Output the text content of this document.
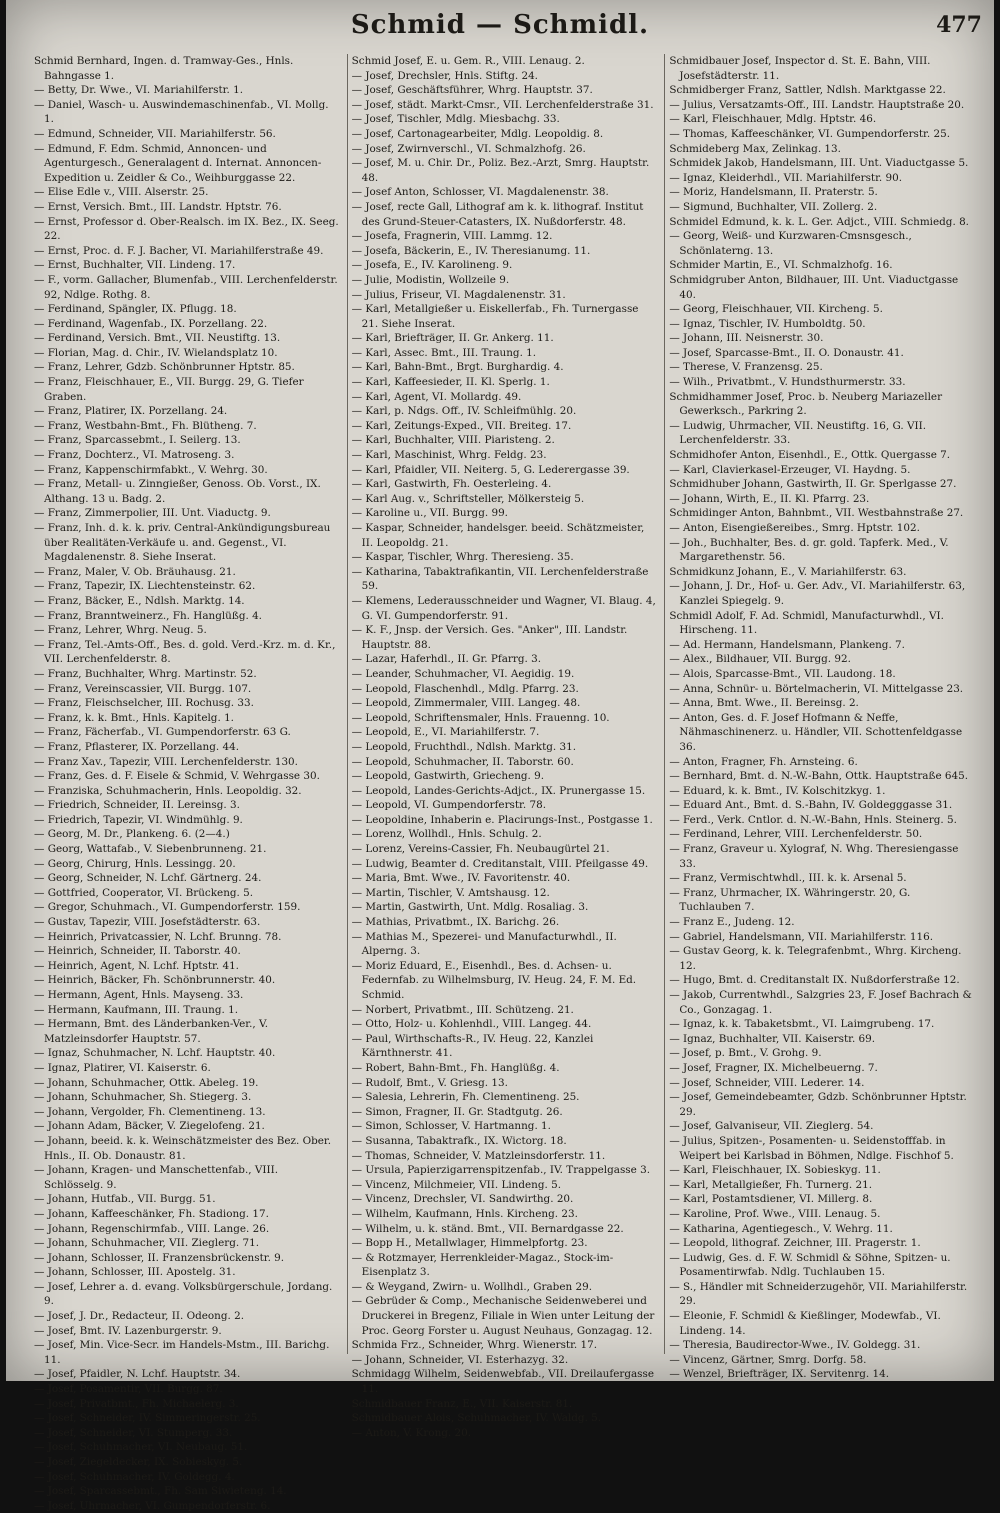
Schmid — Schmidl.	477
Schmid Bernhard, Ingen. d. Tramway-Ges., Hnls. Bahngasse 1.
— Betty, Dr. Wwe., VI. Mariahilferstr. 1.
— Daniel, Wasch- u. Auswindemaschinenfab., VI. Mollg. 1.
— Edmund, Schneider, VII. Mariahilferstr. 56.
— Edmund, F. Edm. Schmid, Annoncen- und Agenturgesch., Generalagent d. Internat. Annoncen-Expedition u. Zeidler & Co., Weihburggasse 22.
— Elise Edle v., VIII. Alserstr. 25.
— Ernst, Versich. Bmt., III. Landstr. Hptstr. 76.
— Ernst, Professor d. Ober-Realsch. im IX. Bez., IX. Seeg. 22.
— Ernst, Proc. d. F. J. Bacher, VI. Mariahilferstraße 49.
— Ernst, Buchhalter, VII. Lindeng. 17.
— F., vorm. Gallacher, Blumenfab., VIII. Lerchenfelderstr. 92, Ndlge. Rothg. 8.
— Ferdinand, Spängler, IX. Pflugg. 18.
— Ferdinand, Wagenfab., IX. Porzellang. 22.
— Ferdinand, Versich. Bmt., VII. Neustiftg. 13.
— Florian, Mag. d. Chir., IV. Wielandsplatz 10.
— Franz, Lehrer, Gdzb. Schönbrunner Hptstr. 85.
— Franz, Fleischhauer, E., VII. Burgg. 29, G. Tiefer Graben.
— Franz, Platirer, IX. Porzellang. 24.
— Franz, Westbahn-Bmt., Fh. Blütheng. 7.
— Franz, Sparcassebmt., I. Seilerg. 13.
— Franz, Dochterz., VI. Matroseng. 3.
— Franz, Kappenschirmfabkt., V. Wehrg. 30.
— Franz, Metall- u. Zinngießer, Genoss. Ob. Vorst., IX. Althang. 13 u. Badg. 2.
— Franz, Zimmerpolier, III. Unt. Viaductg. 9.
— Franz, Inh. d. k. k. priv. Central-Ankündigungsbureau über Realitäten-Verkäufe u. and. Gegenst., VI. Magdalenenstr. 8. Siehe Inserat.
— Franz, Maler, V. Ob. Bräuhausg. 21.
— Franz, Tapezir, IX. Liechtensteinstr. 62.
— Franz, Bäcker, E., Ndlsh. Marktg. 14.
— Franz, Branntweinerz., Fh. Hanglüßg. 4.
— Franz, Lehrer, Whrg. Neug. 5.
— Franz, Tel.-Amts-Off., Bes. d. gold. Verd.-Krz. m. d. Kr., VII. Lerchenfelderstr. 8.
— Franz, Buchhalter, Whrg. Martinstr. 52.
— Franz, Vereinscassier, VII. Burgg. 107.
— Franz, Fleischselcher, III. Rochusg. 33.
— Franz, k. k. Bmt., Hnls. Kapitelg. 1.
— Franz, Fächerfab., VI. Gumpendorferstr. 63 G.
— Franz, Pflasterer, IX. Porzellang. 44.
— Franz Xav., Tapezir, VIII. Lerchenfelderstr. 130.
— Franz, Ges. d. F. Eisele & Schmid, V. Wehrgasse 30.
— Franziska, Schuhmacherin, Hnls. Leopoldig. 32.
— Friedrich, Schneider, II. Lereinsg. 3.
— Friedrich, Tapezir, VI. Windmühlg. 9.
— Georg, M. Dr., Plankeng. 6. (2—4.)
— Georg, Wattafab., V. Siebenbrunneng. 21.
— Georg, Chirurg, Hnls. Lessingg. 20.
— Georg, Schneider, N. Lchf. Gärtnerg. 24.
— Gottfried, Cooperator, VI. Brückeng. 5.
— Gregor, Schuhmach., VI. Gumpendorferstr. 159.
— Gustav, Tapezir, VIII. Josefstädterstr. 63.
— Heinrich, Privatcassier, N. Lchf. Brunng. 78.
— Heinrich, Schneider, II. Taborstr. 40.
— Heinrich, Agent, N. Lchf. Hptstr. 41.
— Heinrich, Bäcker, Fh. Schönbrunnerstr. 40.
— Hermann, Agent, Hnls. Mayseng. 33.
— Hermann, Kaufmann, III. Traung. 1.
— Hermann, Bmt. des Länderbanken-Ver., V. Matzleinsdorfer Hauptstr. 57.
— Ignaz, Schuhmacher, N. Lchf. Hauptstr. 40.
— Ignaz, Platirer, VI. Kaiserstr. 6.
— Johann, Schuhmacher, Ottk. Abeleg. 19.
— Johann, Schuhmacher, Sh. Stiegerg. 3.
— Johann, Vergolder, Fh. Clementineng. 13.
— Johann Adam, Bäcker, V. Ziegelofeng. 21.
— Johann, beeid. k. k. Weinschätzmeister des Bez. Ober. Hnls., II. Ob. Donaustr. 81.
— Johann, Kragen- und Manschettenfab., VIII. Schlösselg. 9.
— Johann, Hutfab., VII. Burgg. 51.
— Johann, Kaffeeschänker, Fh. Stadiong. 17.
— Johann, Regenschirmfab., VIII. Lange. 26.
— Johann, Schuhmacher, VII. Zieglerg. 71.
— Johann, Schlosser, II. Franzensbrückenstr. 9.
— Johann, Schlosser, III. Apostelg. 31.
— Josef, Lehrer a. d. evang. Volksbürgerschule, Jordang. 9.
— Josef, J. Dr., Redacteur, II. Odeong. 2.
— Josef, Bmt. IV. Lazenburgerstr. 9.
— Josef, Min. Vice-Secr. im Handels-Mstm., III. Barichg. 11.
— Josef, Pfaidler, N. Lchf. Hauptstr. 34.
— Josef, Posamentir, VII. Burgg. 87.
— Josef, Privatbmt., Fh. Michaelerg. 3.
— Josef, Schneider, IV. Simmeringerstr. 25.
— Josef, Schneider, VI. Stumperg. 33.
— Josef, Schuhmacher, VI. Neubaug. 51.
— Josef, Ziegeldecker, IX. Sobieskyg. 5.
— Josef, Schuhmacher, IV. Goldegg. 4.
— Josef, Sparcassebmt., Fh. Sam Siwieteng. 14.
— Josef, Uhrmacher, VI. Gumpendorferstr. 6.
Schmid Josef, E. u. Gem. R., VIII. Lenaug. 2.
— Josef, Drechsler, Hnls. Stiftg. 24.
— Josef, Geschäftsführer, Whrg. Hauptstr. 37.
— Josef, städt. Markt-Cmsr., VII. Lerchenfelderstraße 31.
— Josef, Tischler, Mdlg. Miesbachg. 33.
— Josef, Cartonagearbeiter, Mdlg. Leopoldig. 8.
— Josef, Zwirnverschl., VI. Schmalzhofg. 26.
— Josef, M. u. Chir. Dr., Poliz. Bez.-Arzt, Smrg. Hauptstr. 48.
— Josef Anton, Schlosser, VI. Magdalenenstr. 38.
— Josef, recte Gall, Lithograf am k. k. lithograf. Institut des Grund-Steuer-Catasters, IX. Nußdorferstr. 48.
— Josefa, Fragnerin, VIII. Lammg. 12.
— Josefa, Bäckerin, E., IV. Theresianumg. 11.
— Josefa, E., IV. Karolineng. 9.
— Julie, Modistin, Wollzeile 9.
— Julius, Friseur, VI. Magdalenenstr. 31.
— Karl, Metallgießer u. Eiskellerfab., Fh. Turnergasse 21. Siehe Inserat.
— Karl, Briefträger, II. Gr. Ankerg. 11.
— Karl, Assec. Bmt., III. Traung. 1.
— Karl, Bahn-Bmt., Brgt. Burghardig. 4.
— Karl, Kaffeesieder, II. Kl. Sperlg. 1.
— Karl, Agent, VI. Mollardg. 49.
— Karl, p. Ndgs. Off., IV. Schleifmühlg. 20.
— Karl, Zeitungs-Exped., VII. Breiteg. 17.
— Karl, Buchhalter, VIII. Piaristeng. 2.
— Karl, Maschinist, Whrg. Feldg. 23.
— Karl, Pfaidler, VII. Neiterg. 5, G. Lederergasse 39.
— Karl, Gastwirth, Fh. Oesterleing. 4.
— Karl Aug. v., Schriftsteller, Mölkersteig 5.
— Karoline u., VII. Burgg. 99.
— Kaspar, Schneider, handelsger. beeid. Schätzmeister, II. Leopoldg. 21.
— Kaspar, Tischler, Whrg. Theresieng. 35.
— Katharina, Tabaktrafikantin, VII. Lerchenfelderstraße 59.
— Klemens, Lederausschneider und Wagner, VI. Blaug. 4, G. VI. Gumpendorferstr. 91.
— K. F., Jnsp. der Versich. Ges. "Anker", III. Landstr. Hauptstr. 88.
— Lazar, Haferhdl., II. Gr. Pfarrg. 3.
— Leander, Schuhmacher, VI. Aegidig. 19.
— Leopold, Flaschenhdl., Mdlg. Pfarrg. 23.
— Leopold, Zimmermaler, VIII. Langeg. 48.
— Leopold, Schriftensmaler, Hnls. Frauenng. 10.
— Leopold, E., VI. Mariahilferstr. 7.
— Leopold, Fruchthdl., Ndlsh. Marktg. 31.
— Leopold, Schuhmacher, II. Taborstr. 60.
— Leopold, Gastwirth, Griecheng. 9.
— Leopold, Landes-Gerichts-Adjct., IX. Prunergasse 15.
— Leopold, VI. Gumpendorferstr. 78.
— Leopoldine, Inhaberin e. Placirungs-Inst., Postgasse 1.
— Lorenz, Wollhdl., Hnls. Schulg. 2.
— Lorenz, Vereins-Cassier, Fh. Neubaugürtel 21.
— Ludwig, Beamter d. Creditanstalt, VIII. Pfeilgasse 49.
— Maria, Bmt. Wwe., IV. Favoritenstr. 40.
— Martin, Tischler, V. Amtshausg. 12.
— Martin, Gastwirth, Unt. Mdlg. Rosaliag. 3.
— Mathias, Privatbmt., IX. Barichg. 26.
— Mathias M., Spezerei- und Manufacturwhdl., II. Alperng. 3.
— Moriz Eduard, E., Eisenhdl., Bes. d. Achsen- u. Federnfab. zu Wilhelmsburg, IV. Heug. 24, F. M. Ed. Schmid.
— Norbert, Privatbmt., III. Schützeng. 21.
— Otto, Holz- u. Kohlenhdl., VIII. Langeg. 44.
— Paul, Wirthschafts-R., IV. Heug. 22, Kanzlei Kärnthnerstr. 41.
— Robert, Bahn-Bmt., Fh. Hanglüßg. 4.
— Rudolf, Bmt., V. Griesg. 13.
— Salesia, Lehrerin, Fh. Clementineng. 25.
— Simon, Fragner, II. Gr. Stadtgutg. 26.
— Simon, Schlosser, V. Hartmanng. 1.
— Susanna, Tabaktrafk., IX. Wictorg. 18.
— Thomas, Schneider, V. Matzleinsdorferstr. 11.
— Ursula, Papierzigarrenspitzenfab., IV. Trappelgasse 3.
— Vincenz, Milchmeier, VII. Lindeng. 5.
— Vincenz, Drechsler, VI. Sandwirthg. 20.
— Wilhelm, Kaufmann, Hnls. Kircheng. 23.
— Wilhelm, u. k. ständ. Bmt., VII. Bernardgasse 22.
— Bopp H., Metallwlager, Himmelpfortg. 23.
— & Rotzmayer, Herrenkleider-Magaz., Stock-im-Eisenplatz 3.
— & Weygand, Zwirn- u. Wollhdl., Graben 29.
— Gebrüder & Comp., Mechanische Seidenweberei und Druckerei in Bregenz, Filiale in Wien unter Leitung der Proc. Georg Forster u. August Neuhaus, Gonzagag. 12.
Schmida Frz., Schneider, Whrg. Wienerstr. 17.
— Johann, Schneider, VI. Esterhazyg. 32.
Schmidagg Wilhelm, Seidenwebfab., VII. Dreilaufergasse 11.
Schmidbauer Franz, E., VII. Kaiserstr. 81.
Schmidbauer Alois, Schuhmacher, IV. Waldg. 5.
— Anton, V. Krong. 20.
Schmidbauer Josef, Inspector d. St. E. Bahn, VIII. Josefstädterstr. 11.
Schmidberger Franz, Sattler, Ndlsh. Marktgasse 22.
— Julius, Versatzamts-Off., III. Landstr. Hauptstraße 20.
— Karl, Fleischhauer, Mdlg. Hptstr. 46.
— Thomas, Kaffeeschänker, VI. Gumpendorferstr. 25.
Schmideberg Max, Zelinkag. 13.
Schmidek Jakob, Handelsmann, III. Unt. Viaductgasse 5.
— Ignaz, Kleiderhdl., VII. Mariahilferstr. 90.
— Moriz, Handelsmann, II. Praterstr. 5.
— Sigmund, Buchhalter, VII. Zollerg. 2.
Schmidel Edmund, k. k. L. Ger. Adjct., VIII. Schmiedg. 8.
— Georg, Weiß- und Kurzwaren-Cmsnsgesch., Schönlaterng. 13.
Schmider Martin, E., VI. Schmalzhofg. 16.
Schmidgruber Anton, Bildhauer, III. Unt. Viaductgasse 40.
— Georg, Fleischhauer, VII. Kircheng. 5.
— Ignaz, Tischler, IV. Humboldtg. 50.
— Johann, III. Neisnerstr. 30.
— Josef, Sparcasse-Bmt., II. O. Donaustr. 41.
— Therese, V. Franzensg. 25.
— Wilh., Privatbmt., V. Hundsthurmerstr. 33.
Schmidhammer Josef, Proc. b. Neuberg Mariazeller Gewerksch., Parkring 2.
— Ludwig, Uhrmacher, VII. Neustiftg. 16, G. VII. Lerchenfelderstr. 33.
Schmidhofer Anton, Eisenhdl., E., Ottk. Quergasse 7.
— Karl, Clavierkasel-Erzeuger, VI. Haydng. 5.
Schmidhuber Johann, Gastwirth, II. Gr. Sperlgasse 27.
— Johann, Wirth, E., II. Kl. Pfarrg. 23.
Schmidinger Anton, Bahnbmt., VII. Westbahnstraße 27.
— Anton, Eisengießereibes., Smrg. Hptstr. 102.
— Joh., Buchhalter, Bes. d. gr. gold. Tapferk. Med., V. Margarethenstr. 56.
Schmidkunz Johann, E., V. Mariahilferstr. 63.
— Johann, J. Dr., Hof- u. Ger. Adv., VI. Mariahilferstr. 63, Kanzlei Spiegelg. 9.
Schmidl Adolf, F. Ad. Schmidl, Manufacturwhdl., VI. Hirscheng. 11.
— Ad. Hermann, Handelsmann, Plankeng. 7.
— Alex., Bildhauer, VII. Burgg. 92.
— Alois, Sparcasse-Bmt., VII. Laudong. 18.
— Anna, Schnür- u. Börtelmacherin, VI. Mittelgasse 23.
— Anna, Bmt. Wwe., II. Bereinsg. 2.
— Anton, Ges. d. F. Josef Hofmann & Neffe, Nähmaschinenerz. u. Händler, VII. Schottenfeldgasse 36.
— Anton, Fragner, Fh. Arnsteing. 6.
— Bernhard, Bmt. d. N.-W.-Bahn, Ottk. Hauptstraße 645.
— Eduard, k. k. Bmt., IV. Kolschitzkyg. 1.
— Eduard Ant., Bmt. d. S.-Bahn, IV. Goldegggasse 31.
— Ferd., Verk. Cntlor. d. N.-W.-Bahn, Hnls. Steinerg. 5.
— Ferdinand, Lehrer, VIII. Lerchenfelderstr. 50.
— Franz, Graveur u. Xylograf, N. Whg. Theresiengasse 33.
— Franz, Vermischtwhdl., III. k. k. Arsenal 5.
— Franz, Uhrmacher, IX. Währingerstr. 20, G. Tuchlauben 7.
— Franz E., Judeng. 12.
— Gabriel, Handelsmann, VII. Mariahilferstr. 116.
— Gustav Georg, k. k. Telegrafenbmt., Whrg. Kircheng. 12.
— Hugo, Bmt. d. Creditanstalt IX. Nußdorferstraße 12.
— Jakob, Currentwhdl., Salzgries 23, F. Josef Bachrach & Co., Gonzagag. 1.
— Ignaz, k. k. Tabaketsbmt., VI. Laimgrubeng. 17.
— Ignaz, Buchhalter, VII. Kaiserstr. 69.
— Josef, p. Bmt., V. Grohg. 9.
— Josef, Fragner, IX. Michelbeuerng. 7.
— Josef, Schneider, VIII. Lederer. 14.
— Josef, Gemeindebeamter, Gdzb. Schönbrunner Hptstr. 29.
— Josef, Galvaniseur, VII. Zieglerg. 54.
— Julius, Spitzen-, Posamenten- u. Seidenstofffab. in Weipert bei Karlsbad in Böhmen, Ndlge. Fischhof 5.
— Karl, Fleischhauer, IX. Sobieskyg. 11.
— Karl, Metallgießer, Fh. Turnerg. 21.
— Karl, Postamtsdiener, VI. Millerg. 8.
— Karoline, Prof. Wwe., VIII. Lenaug. 5.
— Katharina, Agentiegesch., V. Wehrg. 11.
— Leopold, lithograf. Zeichner, III. Pragerstr. 1.
— Ludwig, Ges. d. F. W. Schmidl & Söhne, Spitzen- u. Posamentirwfab. Ndlg. Tuchlauben 15.
— S., Händler mit Schneiderzugehör, VII. Mariahilferstr. 29.
— Eleonie, F. Schmidl & Kießlinger, Modewfab., VI. Lindeng. 14.
— Theresia, Baudirector-Wwe., IV. Goldegg. 31.
— Vincenz, Gärtner, Smrg. Dorfg. 58.
— Wenzel, Briefträger, IX. Servitenrg. 14.
